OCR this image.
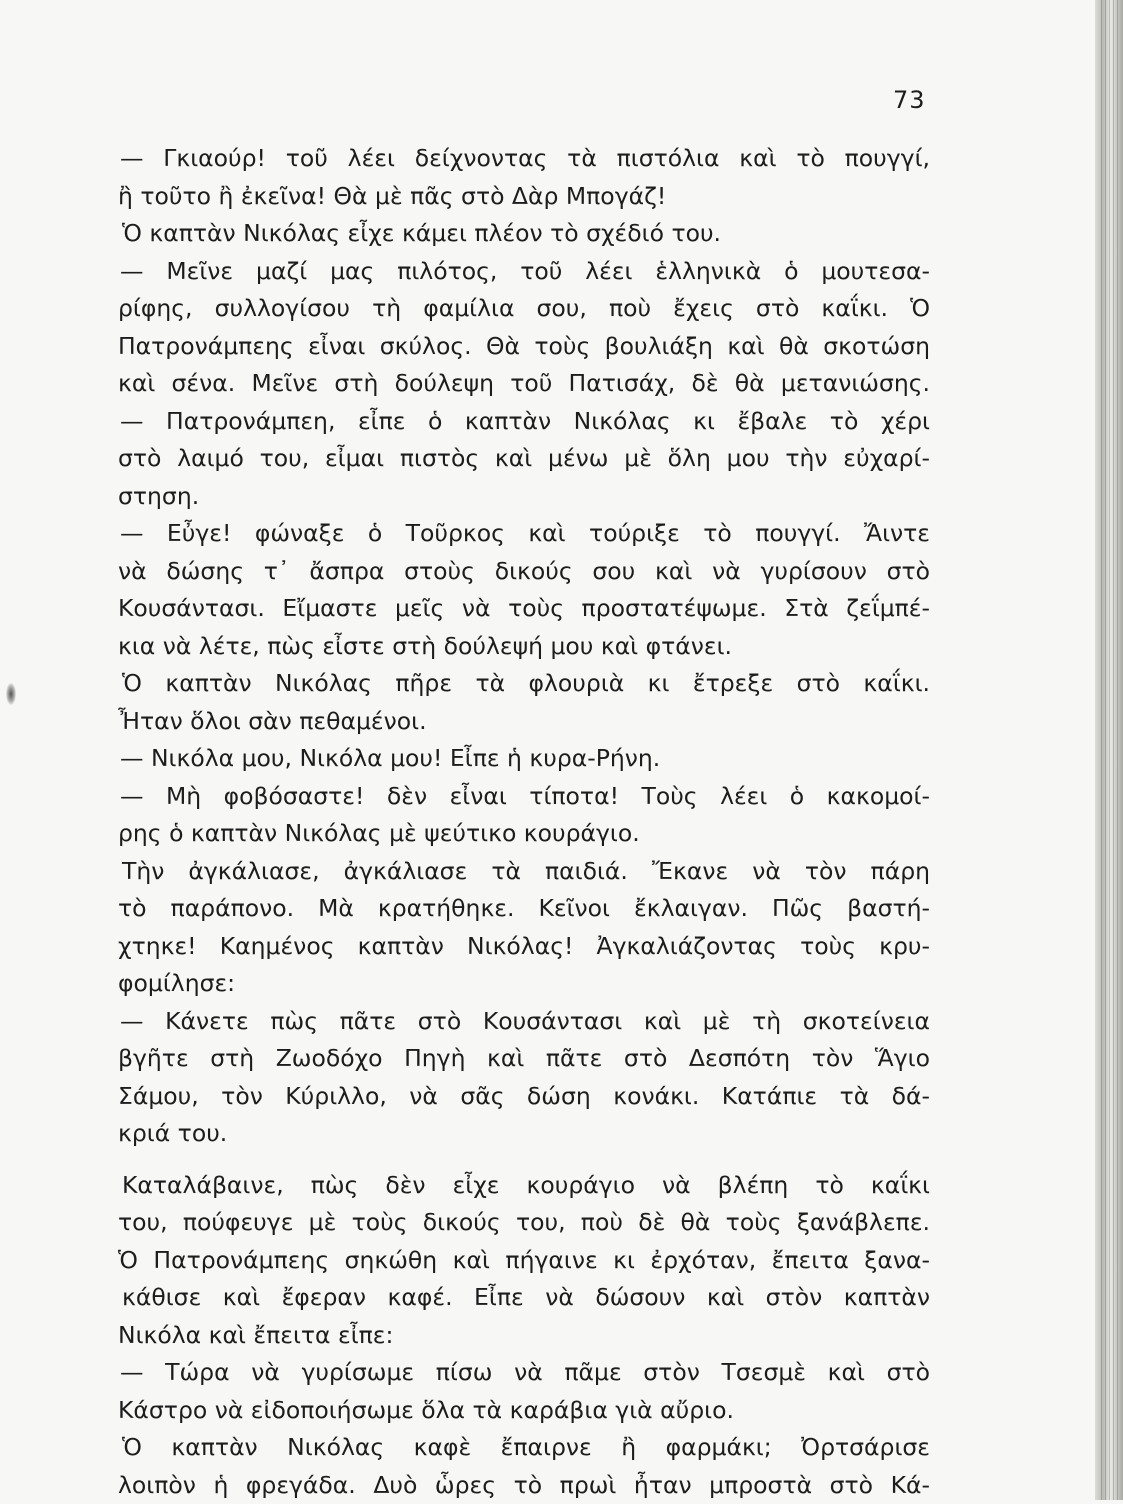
73
— Γκιαούρ! τοῦ λέει δείχνοντας τὰ πιστόλια καὶ τὸ πουγγί,
ἢ τοῦτο ἢ ἐκεῖνα! Θὰ μὲ πᾶς στὸ Δὰρ Μπογάζ!
Ὁ καπτὰν Νικόλας εἶχε κάμει πλέον τὸ σχέδιό του.
— Μεῖνε μαζί μας πιλότος, τοῦ λέει ἑλληνικὰ ὁ μουτεσα-
ρίφης, συλλογίσου τὴ φαμίλια σου, ποὺ ἔχεις στὸ καΐκι. Ὁ
Πατρονάμπεης εἶναι σκύλος. Θὰ τοὺς βουλιάξη καὶ θὰ σκοτώση
καὶ σένα. Μεῖνε στὴ δούλεψη τοῦ Πατισάχ, δὲ θὰ μετανιώσης.
— Πατρονάμπεη, εἶπε ὁ καπτὰν Νικόλας κι ἔβαλε τὸ χέρι
στὸ λαιμό του, εἶμαι πιστὸς καὶ μένω μὲ ὅλη μου τὴν εὐχαρί-
στηση.
— Εὖγε! φώναξε ὁ Τοῦρκος καὶ τούριξε τὸ πουγγί. Ἄιντε
νὰ δώσης τ᾽ ἄσπρα στοὺς δικούς σου καὶ νὰ γυρίσουν στὸ
Κουσάντασι. Εἴμαστε μεῖς νὰ τοὺς προστατέψωμε. Στὰ ζεΐμπέ-
κια νὰ λέτε, πὼς εἶστε στὴ δούλεψή μου καὶ φτάνει.
Ὁ καπτὰν Νικόλας πῆρε τὰ φλουριὰ κι ἔτρεξε στὸ καΐκι.
Ἦταν ὅλοι σὰν πεθαμένοι.
— Νικόλα μου, Νικόλα μου! Εἶπε ἡ κυρα-Ρήνη.
— Μὴ φοβόσαστε! δὲν εἶναι τίποτα! Τοὺς λέει ὁ κακομοί-
ρης ὁ καπτὰν Νικόλας μὲ ψεύτικο κουράγιο.
Τὴν ἀγκάλιασε, ἀγκάλιασε τὰ παιδιά. Ἔκανε νὰ τὸν πάρη
τὸ παράπονο. Μὰ κρατήθηκε. Κεῖνοι ἔκλαιγαν. Πῶς βαστή-
χτηκε! Καημένος καπτὰν Νικόλας! Ἀγκαλιάζοντας τοὺς κρυ-
φομίλησε:
— Κάνετε πὼς πᾶτε στὸ Κουσάντασι καὶ μὲ τὴ σκοτείνεια
βγῆτε στὴ Ζωοδόχο Πηγὴ καὶ πᾶτε στὸ Δεσπότη τὸν Ἅγιο
Σάμου, τὸν Κύριλλο, νὰ σᾶς δώση κονάκι. Κατάπιε τὰ δά-
κριά του.
Καταλάβαινε, πὼς δὲν εἶχε κουράγιο νὰ βλέπη τὸ καΐκι
του, πούφευγε μὲ τοὺς δικούς του, ποὺ δὲ θὰ τοὺς ξανάβλεπε.
Ὁ Πατρονάμπεης σηκώθη καὶ πήγαινε κι ἐρχόταν, ἔπειτα ξανα-
κάθισε καὶ ἔφεραν καφέ. Εἶπε νὰ δώσουν καὶ στὸν καπτὰν
Νικόλα καὶ ἔπειτα εἶπε:
— Τώρα νὰ γυρίσωμε πίσω νὰ πᾶμε στὸν Τσεσμὲ καὶ στὸ
Κάστρο νὰ εἰδοποιήσωμε ὅλα τὰ καράβια γιὰ αὔριο.
Ὁ καπτὰν Νικόλας καφὲ ἔπαιρνε ἢ φαρμάκι; Ὀρτσάρισε
λοιπὸν ἡ φρεγάδα. Δυὸ ὧρες τὸ πρωὶ ἦταν μπροστὰ στὸ Κά-
